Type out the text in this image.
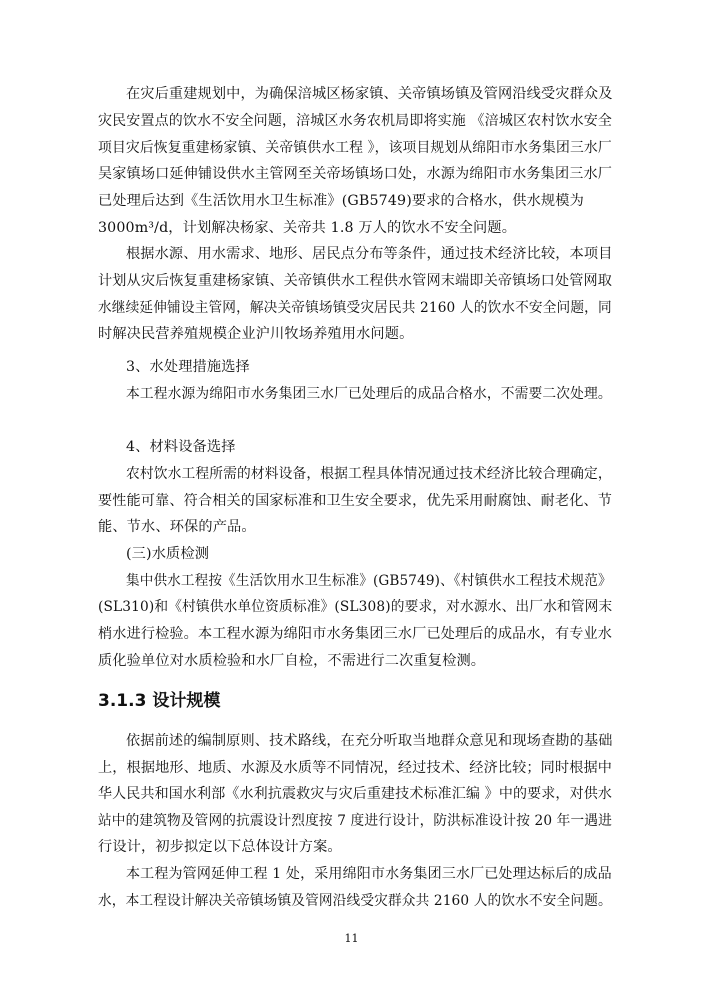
在灾后重建规划中，为确保涪城区杨家镇、关帝镇场镇及管网沿线受灾群众及
灾民安置点的饮水不安全问题，涪城区水务农机局即将实施 《涪城区农村饮水安全
项目灾后恢复重建杨家镇、关帝镇供水工程 》，该项目规划从绵阳市水务集团三水厂
吴家镇场口延伸铺设供水主管网至关帝场镇场口处，水源为绵阳市水务集团三水厂
已处理后达到《生活饮用水卫生标准》(GB5749)要求的合格水，供水规模为
3000m³/d，计划解决杨家、关帝共 1.8 万人的饮水不安全问题。
根据水源、用水需求、地形、居民点分布等条件，通过技术经济比较，本项目
计划从灾后恢复重建杨家镇、关帝镇供水工程供水管网末端即关帝镇场口处管网取
水继续延伸铺设主管网，解决关帝镇场镇受灾居民共 2160 人的饮水不安全问题，同
时解决民营养殖规模企业沪川牧场养殖用水问题。
3、水处理措施选择
本工程水源为绵阳市水务集团三水厂已处理后的成品合格水，不需要二次处理。
4、材料设备选择
农村饮水工程所需的材料设备，根据工程具体情况通过技术经济比较合理确定，
要性能可靠、符合相关的国家标准和卫生安全要求，优先采用耐腐蚀、耐老化、节
能、节水、环保的产品。
(三)水质检测
集中供水工程按《生活饮用水卫生标准》(GB5749)、《村镇供水工程技术规范》
(SL310)和《村镇供水单位资质标准》(SL308)的要求，对水源水、出厂水和管网末
梢水进行检验。本工程水源为绵阳市水务集团三水厂已处理后的成品水，有专业水
质化验单位对水质检验和水厂自检，不需进行二次重复检测。
3.1.3 设计规模
依据前述的编制原则、技术路线，在充分听取当地群众意见和现场查勘的基础
上，根据地形、地质、水源及水质等不同情况，经过技术、经济比较；同时根据中
华人民共和国水利部《水利抗震救灾与灾后重建技术标准汇编 》中的要求，对供水
站中的建筑物及管网的抗震设计烈度按 7 度进行设计，防洪标准设计按 20 年一遇进
行设计，初步拟定以下总体设计方案。
本工程为管网延伸工程 1 处，采用绵阳市水务集团三水厂已处理达标后的成品
水，本工程设计解决关帝镇场镇及管网沿线受灾群众共 2160 人的饮水不安全问题。
11
